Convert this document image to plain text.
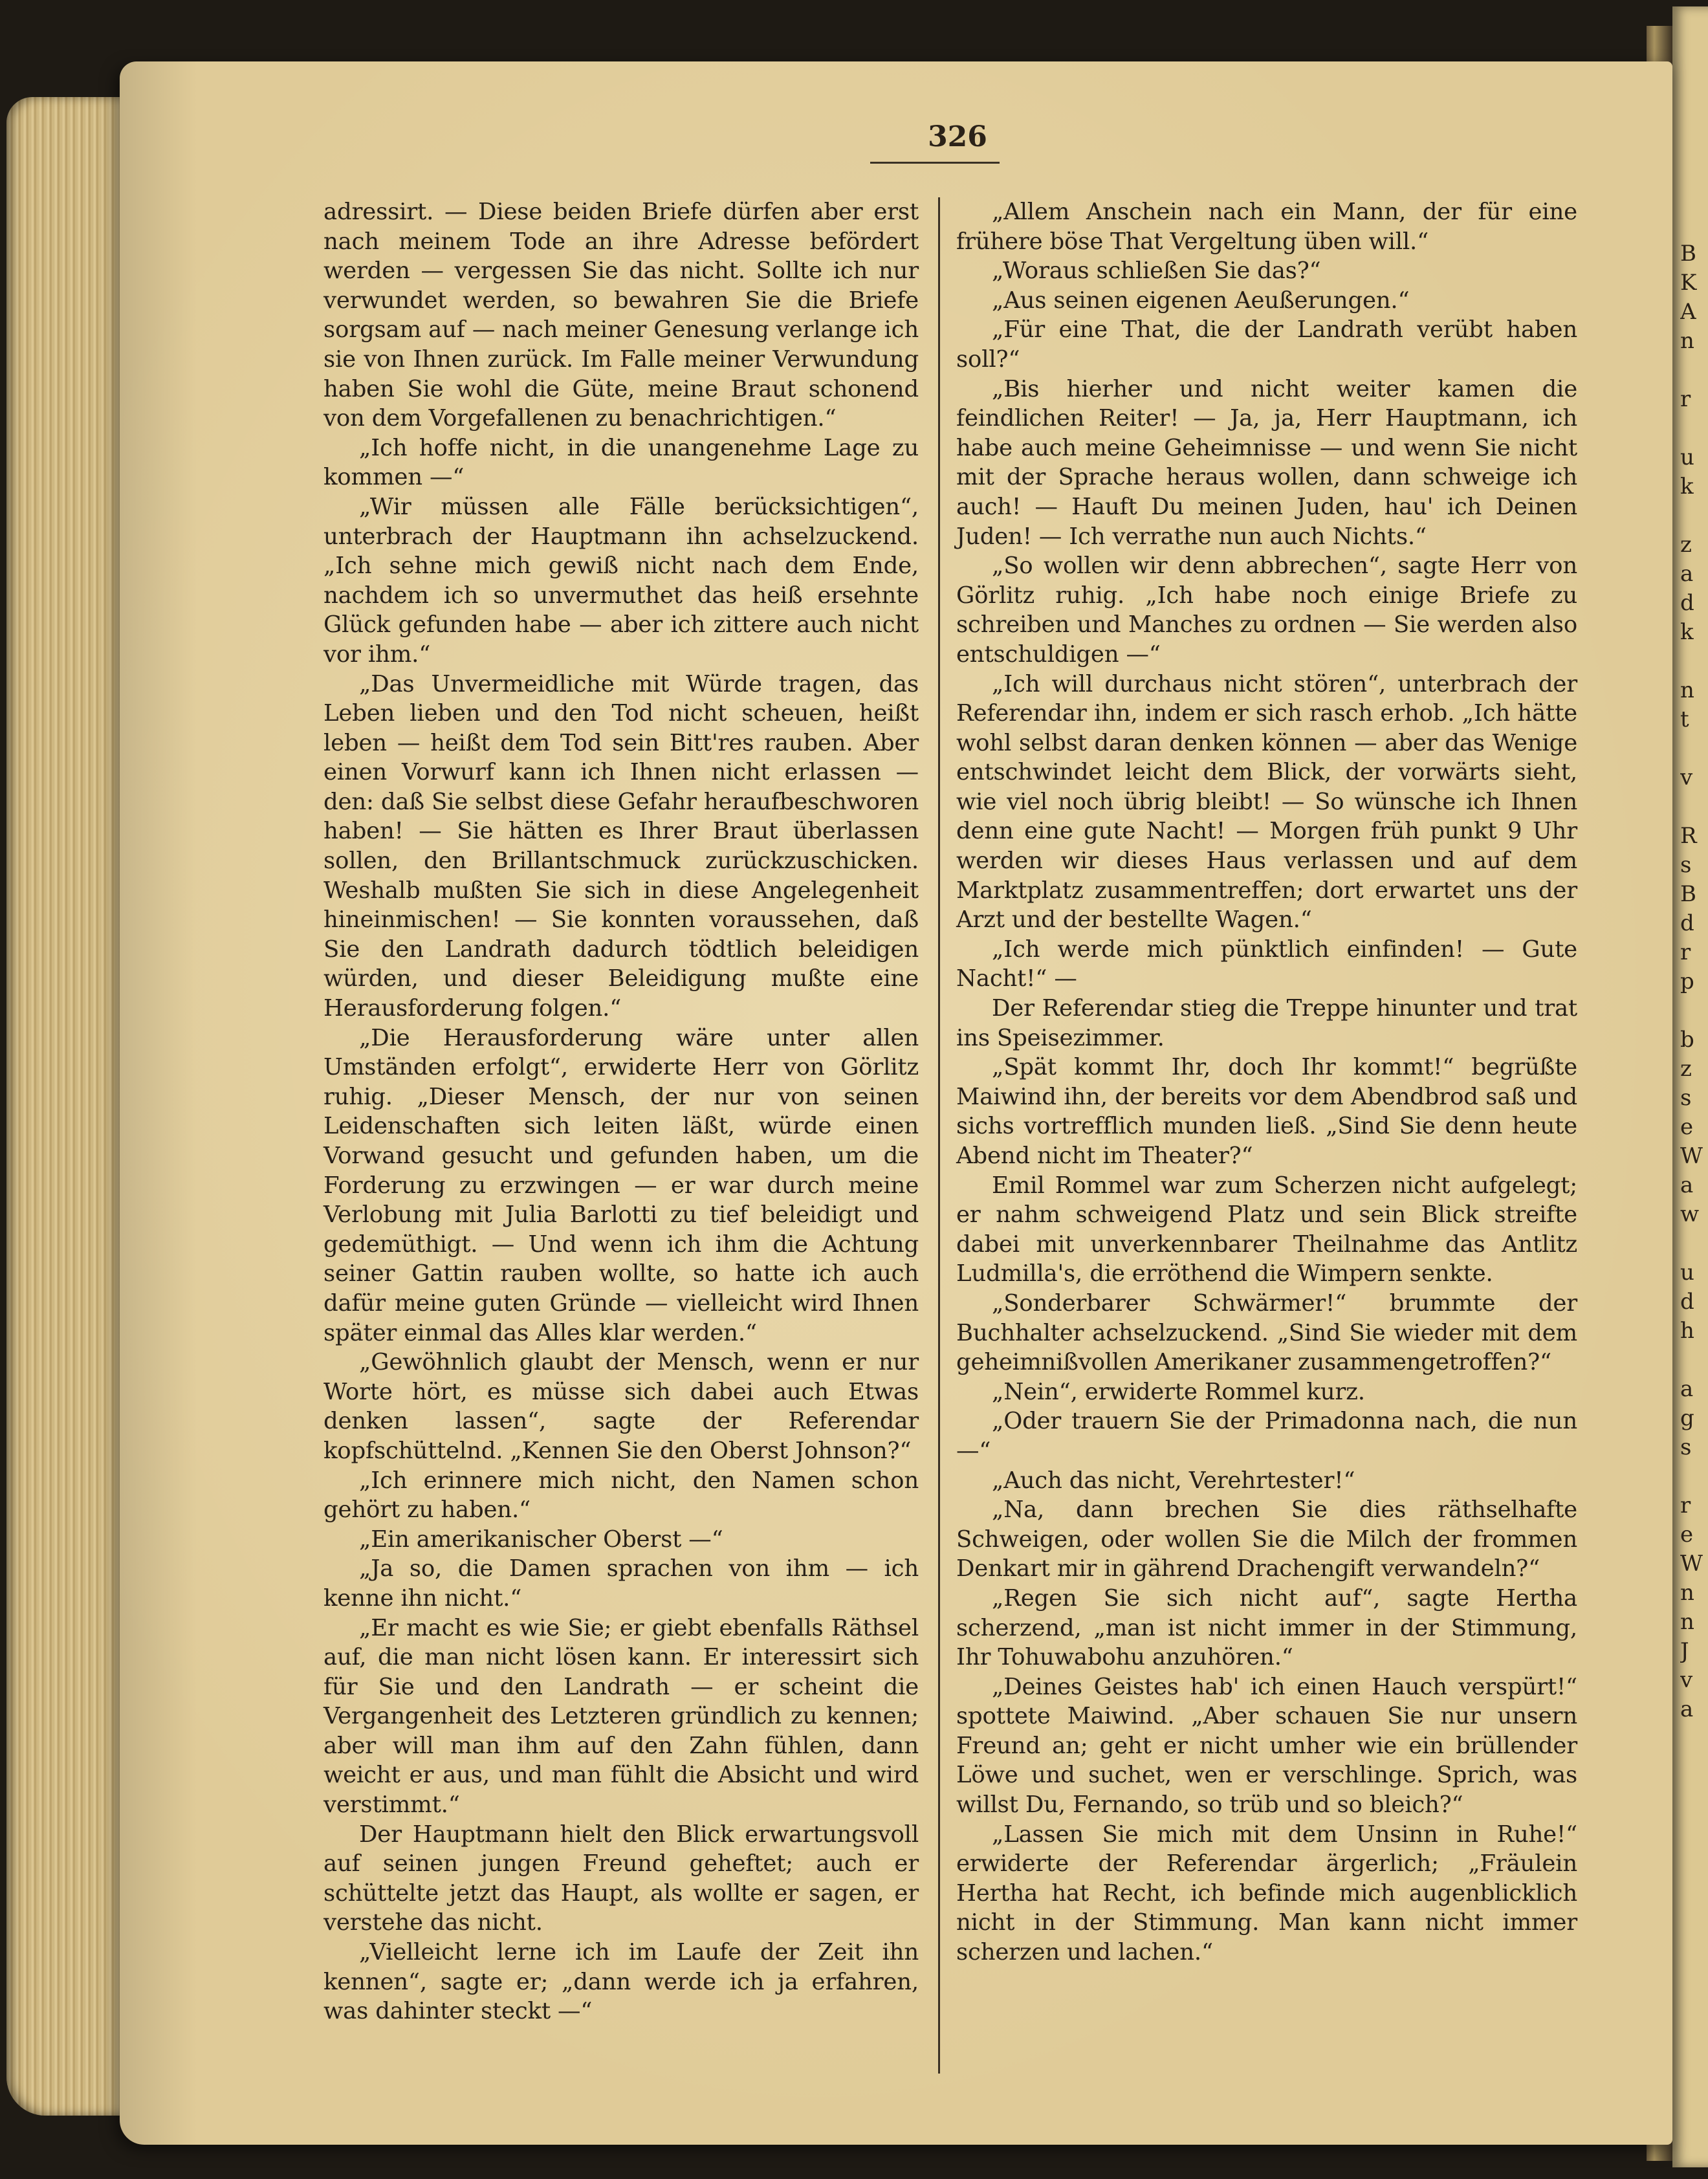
B
K
A
n

r

u
k

z
a
d
k

n
t

v

R
s
B
d
r
p

b
z
s
e
W
a
w

u
d
h

a
g
s

r
e
W
n
n
J
v
a
326

adressirt. — Diese beiden Briefe dürfen aber erst nach meinem Tode an ihre Adresse befördert werden — vergessen Sie das nicht. Sollte ich nur verwundet werden, so bewahren Sie die Briefe sorgsam auf — nach meiner Genesung verlange ich sie von Ihnen zurück. Im Falle meiner Verwundung haben Sie wohl die Güte, meine Braut schonend von dem Vorgefallenen zu benachrichtigen.“

„Ich hoffe nicht, in die unangenehme Lage zu kommen —“

„Wir müssen alle Fälle berücksichtigen“, unterbrach der Hauptmann ihn achselzuckend. „Ich sehne mich gewiß nicht nach dem Ende, nachdem ich so unvermuthet das heiß ersehnte Glück gefunden habe — aber ich zittere auch nicht vor ihm.“

„Das Unvermeidliche mit Würde tragen, das Leben lieben und den Tod nicht scheuen, heißt leben — heißt dem Tod sein Bitt'res rauben. Aber einen Vorwurf kann ich Ihnen nicht erlassen — den: daß Sie selbst diese Gefahr heraufbeschworen haben! — Sie hätten es Ihrer Braut überlassen sollen, den Brillantschmuck zurückzuschicken. Weshalb mußten Sie sich in diese Angelegenheit hineinmischen! — Sie konnten voraussehen, daß Sie den Landrath dadurch tödtlich beleidigen würden, und dieser Beleidigung mußte eine Herausforderung folgen.“

„Die Herausforderung wäre unter allen Umständen erfolgt“, erwiderte Herr von Görlitz ruhig. „Dieser Mensch, der nur von seinen Leidenschaften sich leiten läßt, würde einen Vorwand gesucht und gefunden haben, um die Forderung zu erzwingen — er war durch meine Verlobung mit Julia Barlotti zu tief beleidigt und gedemüthigt. — Und wenn ich ihm die Achtung seiner Gattin rauben wollte, so hatte ich auch dafür meine guten Gründe — vielleicht wird Ihnen später einmal das Alles klar werden.“

„Gewöhnlich glaubt der Mensch, wenn er nur Worte hört, es müsse sich dabei auch Etwas denken lassen“, sagte der Referendar kopfschüttelnd. „Kennen Sie den Oberst Johnson?“

„Ich erinnere mich nicht, den Namen schon gehört zu haben.“

„Ein amerikanischer Oberst —“

„Ja so, die Damen sprachen von ihm — ich kenne ihn nicht.“

„Er macht es wie Sie; er giebt ebenfalls Räthsel auf, die man nicht lösen kann. Er interessirt sich für Sie und den Landrath — er scheint die Vergangenheit des Letzteren gründlich zu kennen; aber will man ihm auf den Zahn fühlen, dann weicht er aus, und man fühlt die Absicht und wird verstimmt.“

Der Hauptmann hielt den Blick erwartungsvoll auf seinen jungen Freund geheftet; auch er schüttelte jetzt das Haupt, als wollte er sagen, er verstehe das nicht.

„Vielleicht lerne ich im Laufe der Zeit ihn kennen“, sagte er; „dann werde ich ja erfahren, was dahinter steckt —“

„Allem Anschein nach ein Mann, der für eine frühere böse That Vergeltung üben will.“

„Woraus schließen Sie das?“

„Aus seinen eigenen Aeußerungen.“

„Für eine That, die der Landrath verübt haben soll?“

„Bis hierher und nicht weiter kamen die feindlichen Reiter! — Ja, ja, Herr Hauptmann, ich habe auch meine Geheimnisse — und wenn Sie nicht mit der Sprache heraus wollen, dann schweige ich auch! — Hauft Du meinen Juden, hau' ich Deinen Juden! — Ich verrathe nun auch Nichts.“

„So wollen wir denn abbrechen“, sagte Herr von Görlitz ruhig. „Ich habe noch einige Briefe zu schreiben und Manches zu ordnen — Sie werden also entschuldigen —“

„Ich will durchaus nicht stören“, unterbrach der Referendar ihn, indem er sich rasch erhob. „Ich hätte wohl selbst daran denken können — aber das Wenige entschwindet leicht dem Blick, der vorwärts sieht, wie viel noch übrig bleibt! — So wünsche ich Ihnen denn eine gute Nacht! — Morgen früh punkt 9 Uhr werden wir dieses Haus verlassen und auf dem Marktplatz zusammentreffen; dort erwartet uns der Arzt und der bestellte Wagen.“

„Ich werde mich pünktlich einfinden! — Gute Nacht!“ —

Der Referendar stieg die Treppe hinunter und trat ins Speisezimmer.

„Spät kommt Ihr, doch Ihr kommt!“ begrüßte Maiwind ihn, der bereits vor dem Abendbrod saß und sichs vortrefflich munden ließ. „Sind Sie denn heute Abend nicht im Theater?“

Emil Rommel war zum Scherzen nicht aufgelegt; er nahm schweigend Platz und sein Blick streifte dabei mit unverkennbarer Theilnahme das Antlitz Ludmilla's, die erröthend die Wimpern senkte.

„Sonderbarer Schwärmer!“ brummte der Buchhalter achselzuckend. „Sind Sie wieder mit dem geheimnißvollen Amerikaner zusammengetroffen?“

„Nein“, erwiderte Rommel kurz.

„Oder trauern Sie der Primadonna nach, die nun —“

„Auch das nicht, Verehrtester!“

„Na, dann brechen Sie dies räthselhafte Schweigen, oder wollen Sie die Milch der frommen Denkart mir in gährend Drachengift verwandeln?“

„Regen Sie sich nicht auf“, sagte Hertha scherzend, „man ist nicht immer in der Stimmung, Ihr Tohuwabohu anzuhören.“

„Deines Geistes hab' ich einen Hauch verspürt!“ spottete Maiwind. „Aber schauen Sie nur unsern Freund an; geht er nicht umher wie ein brüllender Löwe und suchet, wen er verschlinge. Sprich, was willst Du, Fernando, so trüb und so bleich?“

„Lassen Sie mich mit dem Unsinn in Ruhe!“ erwiderte der Referendar ärgerlich; „Fräulein Hertha hat Recht, ich befinde mich augenblicklich nicht in der Stimmung. Man kann nicht immer scherzen und lachen.“
